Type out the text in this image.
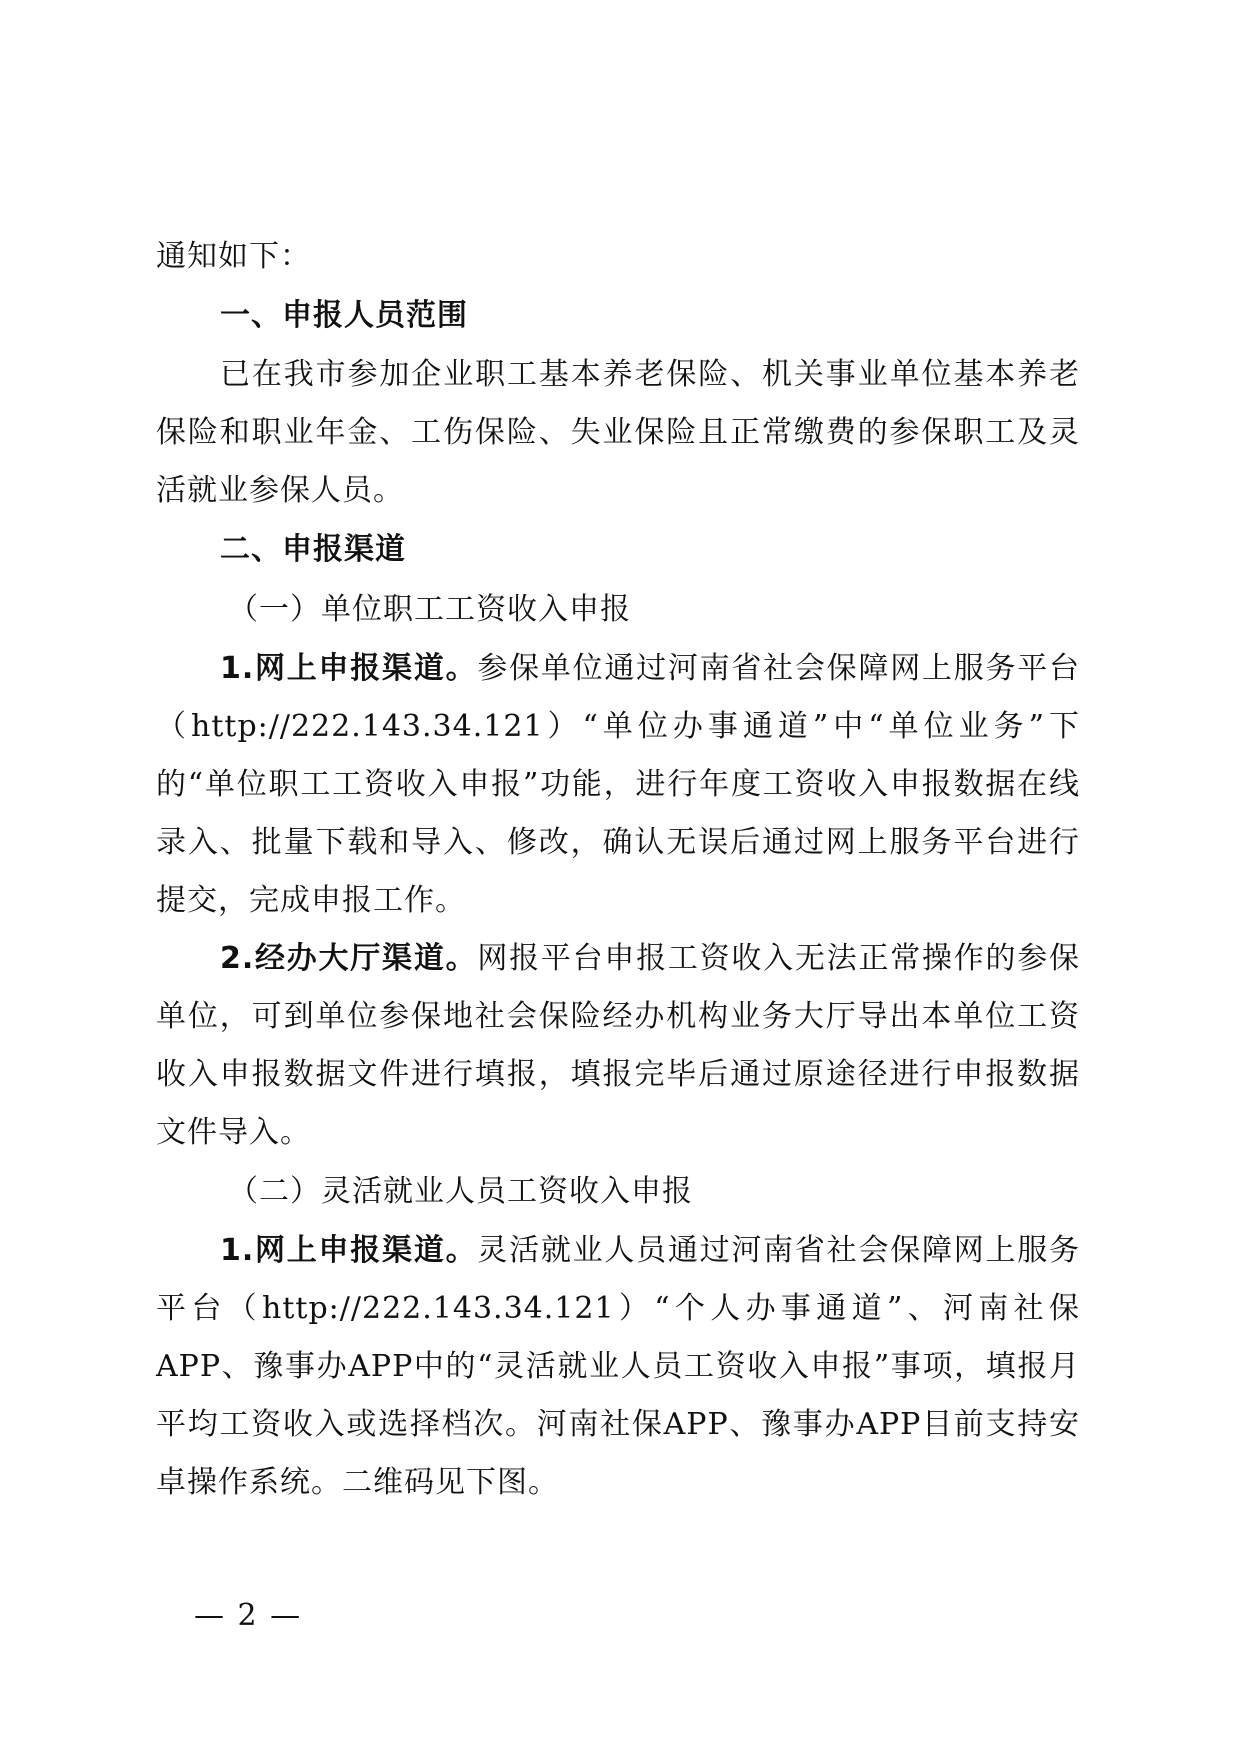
通知如下：

一、申报人员范围

已在我市参加企业职工基本养老保险、机关事业单位基本养老保险和职业年金、工伤保险、失业保险且正常缴费的参保职工及灵活就业参保人员。

二、申报渠道

（一）单位职工工资收入申报

1.网上申报渠道。参保单位通过河南省社会保障网上服务平台（http://222.143.34.121）“单位办事通道”中“单位业务”下的“单位职工工资收入申报”功能，进行年度工资收入申报数据在线录入、批量下载和导入、修改，确认无误后通过网上服务平台进行提交，完成申报工作。

2.经办大厅渠道。网报平台申报工资收入无法正常操作的参保单位，可到单位参保地社会保险经办机构业务大厅导出本单位工资收入申报数据文件进行填报，填报完毕后通过原途径进行申报数据文件导入。

（二）灵活就业人员工资收入申报

1.网上申报渠道。灵活就业人员通过河南省社会保障网上服务平台（http://222.143.34.121）“个人办事通道”、河南社保APP、豫事办APP中的“灵活就业人员工资收入申报”事项，填报月平均工资收入或选择档次。河南社保APP、豫事办APP目前支持安卓操作系统。二维码见下图。

— 2 —
